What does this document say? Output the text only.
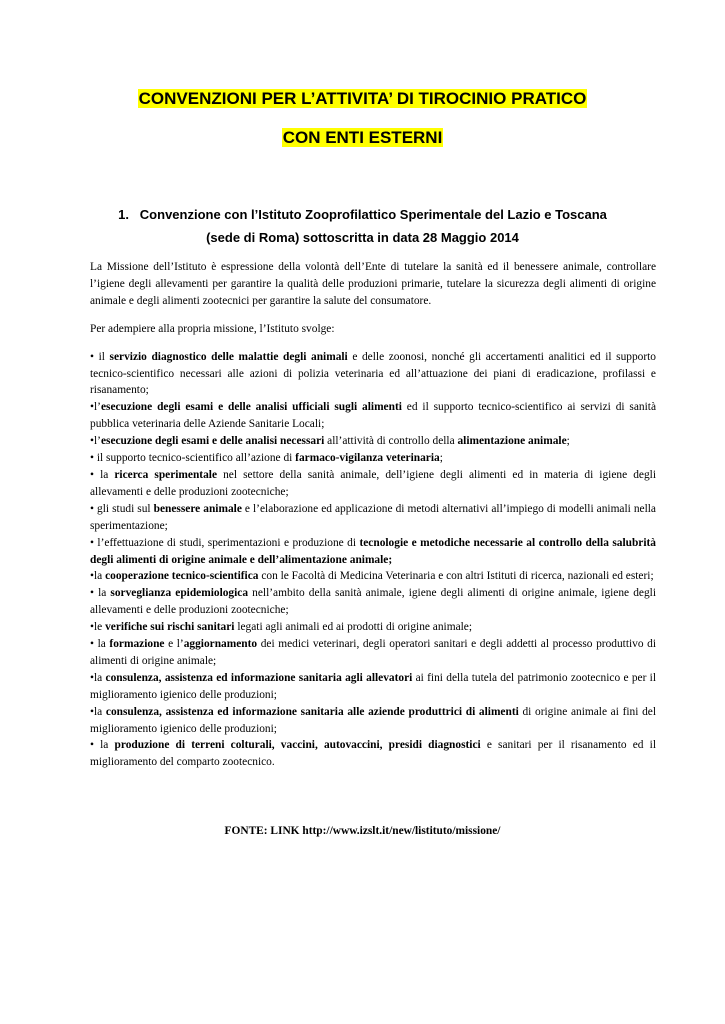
CONVENZIONI PER L’ATTIVITA’ DI TIROCINIO PRATICO
CON ENTI ESTERNI
1. Convenzione con l’Istituto Zooprofilattico Sperimentale del Lazio e Toscana
(sede di Roma) sottoscritta in data 28 Maggio 2014

La Missione dell’Istituto è espressione della volontà dell’Ente di tutelare la sanità ed il benessere animale, controllare l’igiene degli allevamenti per garantire la qualità delle produzioni primarie, tutelare la sicurezza degli alimenti di origine animale e degli alimenti zootecnici per garantire la salute del consumatore.

Per adempiere alla propria missione, l’Istituto svolge:

• il servizio diagnostico delle malattie degli animali e delle zoonosi, nonché gli accertamenti analitici ed il supporto tecnico-scientifico necessari alle azioni di polizia veterinaria ed all’attuazione dei piani di eradicazione, profilassi e risanamento;

•l’esecuzione degli esami e delle analisi ufficiali sugli alimenti ed il supporto tecnico-scientifico ai servizi di sanità pubblica veterinaria delle Aziende Sanitarie Locali;

•l’esecuzione degli esami e delle analisi necessari all’attività di controllo della alimentazione animale;

• il supporto tecnico-scientifico all’azione di farmaco-vigilanza veterinaria;

• la ricerca sperimentale nel settore della sanità animale, dell’igiene degli alimenti ed in materia di igiene degli allevamenti e delle produzioni zootecniche;

• gli studi sul benessere animale e l’elaborazione ed applicazione di metodi alternativi all’impiego di modelli animali nella sperimentazione;

• l’effettuazione di studi, sperimentazioni e produzione di tecnologie e metodiche necessarie al controllo della salubrità degli alimenti di origine animale e dell’alimentazione animale;

•la cooperazione tecnico-scientifica con le Facoltà di Medicina Veterinaria e con altri Istituti di ricerca, nazionali ed esteri;

• la sorveglianza epidemiologica nell’ambito della sanità animale, igiene degli alimenti di origine animale, igiene degli allevamenti e delle produzioni zootecniche;

•le verifiche sui rischi sanitari legati agli animali ed ai prodotti di origine animale;

• la formazione e l’aggiornamento dei medici veterinari, degli operatori sanitari e degli addetti al processo produttivo di alimenti di origine animale;

•la consulenza, assistenza ed informazione sanitaria agli allevatori ai fini della tutela del patrimonio zootecnico e per il miglioramento igienico delle produzioni;

•la consulenza, assistenza ed informazione sanitaria alle aziende produttrici di alimenti di origine animale ai fini del miglioramento igienico delle produzioni;

• la produzione di terreni colturali, vaccini, autovaccini, presidi diagnostici e sanitari per il risanamento ed il miglioramento del comparto zootecnico.

FONTE: LINK http://www.izslt.it/new/listituto/missione/
